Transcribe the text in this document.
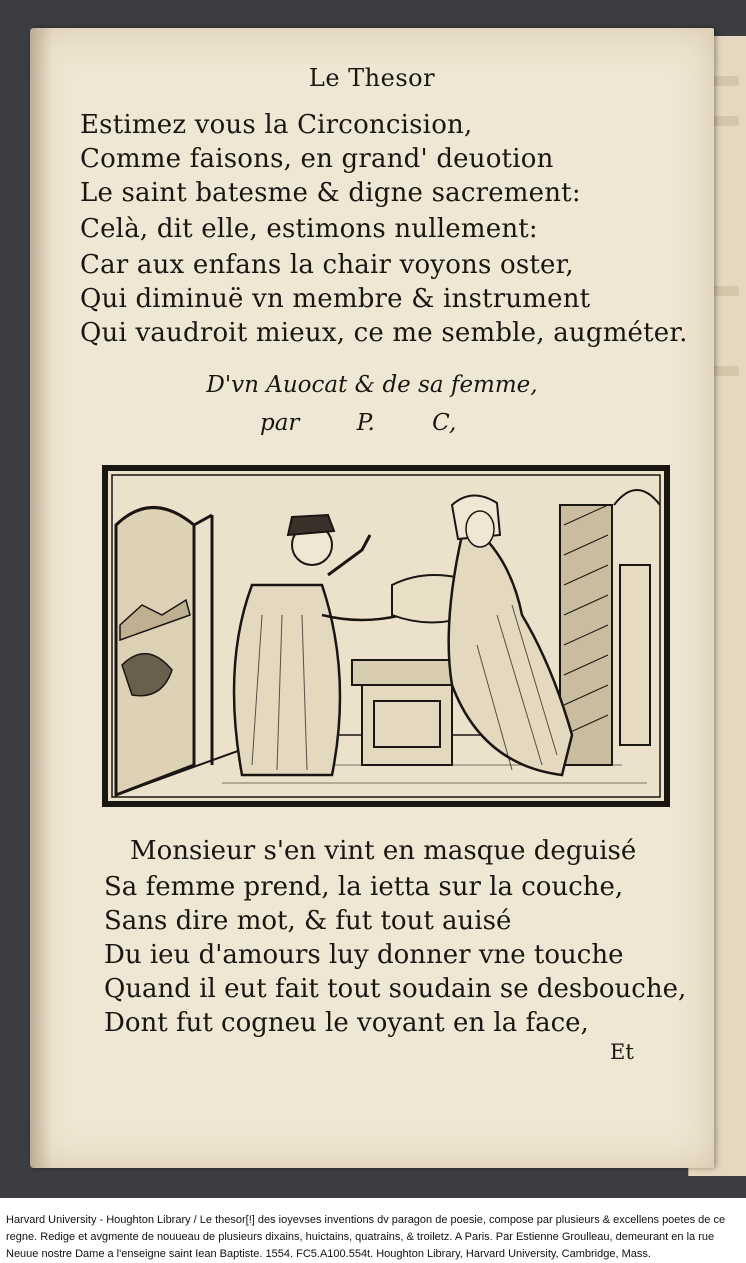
Le Thesor
Estimez vous la Circoncision,
Comme faisons, en grand' deuotion
Le saint batesme & digne sacrement:
Celà, dit elle, estimons nullement:
Car aux enfans la chair voyons oster,
Qui diminuë vn membre & instrument
Qui vaudroit mieux, ce me semble, augméter.
D'vn Auocat & de sa femme,
par P. C,
Monsieur s'en vint en masque deguisé
Sa femme prend, la ietta sur la couche,
Sans dire mot, & fut tout auisé
Du ieu d'amours luy donner vne touche
Quand il eut fait tout soudain se desbouche,
Dont fut cogneu le voyant en la face,
Et
Harvard University - Houghton Library / Le thesor[!] des ioyevses inventions dv paragon de poesie, compose par plusieurs & excellens poetes de ce regne. Redige et avgmente de nouueau de plusieurs dixains, huictains, quatrains, & troiletz. A Paris. Par Estienne Groulleau, demeurant en la rue Neuue nostre Dame a l'enseigne saint Iean Baptiste. 1554. FC5.A100.554t. Houghton Library, Harvard University, Cambridge, Mass.
